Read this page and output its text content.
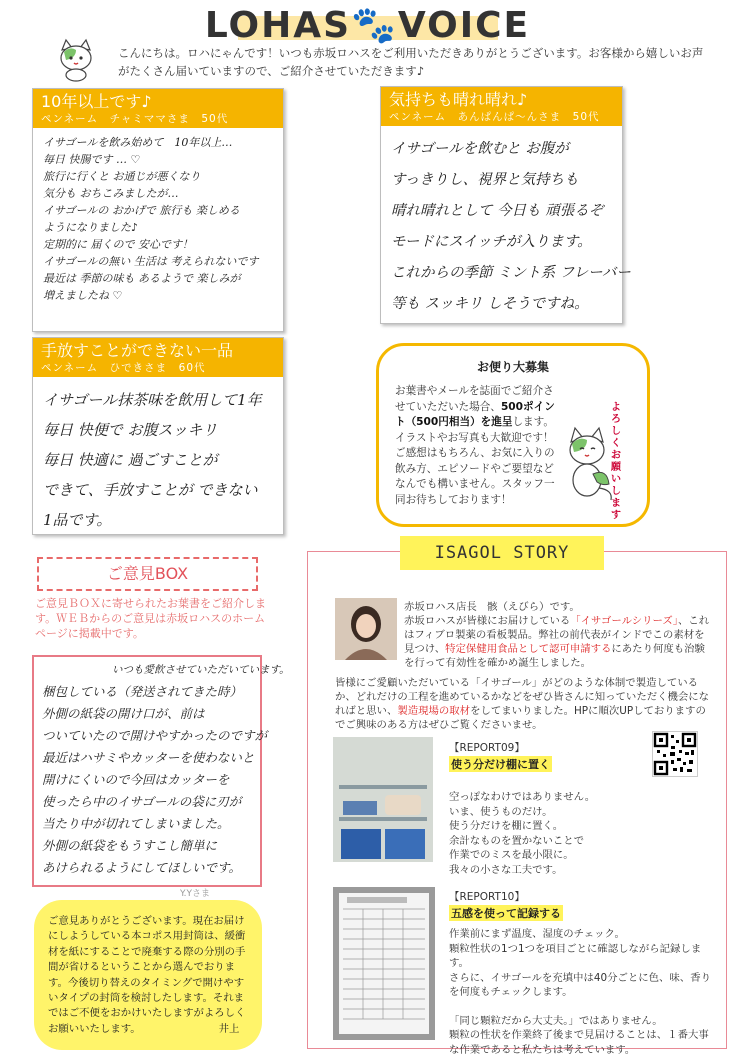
LOHAS🐾VOICE
こんにちは。ロハにゃんです！いつも赤坂ロハスをご利用いただきありがとうございます。お客様から嬉しいお声がたくさん届いていますので、ご紹介させていただきます♪
10年以上です♪
ペンネーム　チャミママさま　50代
イサゴールを飲み始めて　10年以上…
毎日 快腸です … ♡
旅行に行くと お通じが悪くなり
気分も おちこみましたが…
イサゴールの おかげで 旅行も 楽しめる
ようになりました♪
定期的に 届くので 安心です！
イサゴールの無い 生活は 考えられないです
最近は 季節の味も あるようで 楽しみが
増えましたね ♡
気持ちも晴れ晴れ♪
ペンネーム　あんぱんぱ〜んさま　50代
イサゴールを飲むと お腹が
すっきりし、視界と気持ちも
晴れ晴れとして 今日も 頑張るぞ
モードにスイッチが入ります。
これからの季節 ミント系 フレーバー
等も スッキリ しそうですね。
手放すことができない一品
ペンネーム　ひできさま　60代
イサゴール抹茶味を飲用して1年
毎日 快便で お腹スッキリ
毎日 快適に 過ごすことが
できて、手放すことが できない
1品です。
お便り大募集
お葉書やメールを誌面でご紹介させていただいた場合、500ポイント（500円相当）を進呈します。イラストやお写真も大歓迎です！ご感想はもちろん、お気に入りの飲み方、エピソードやご要望などなんでも構いません。スタッフ一同お待ちしております！
よろしくお願いします
ご意見BOX
ご意見ＢＯＸに寄せられたお葉書をご紹介します。ＷＥＢからのご意見は赤坂ロハスのホームページに掲載中です。
いつも愛飲させていただいています。
梱包している（発送されてきた時）
外側の紙袋の開け口が、前は
ついていたので開けやすかったのですが
最近はハサミやカッターを使わないと
開けにくいので今回はカッターを
使ったら中のイサゴールの袋に刃が
当たり中が切れてしまいました。
外側の紙袋をもうすこし簡単に
あけられるようにしてほしいです。
Y.Yさま
ご意見ありがとうございます。現在お届けにしようしている本コポス用封筒は、緩衝材を紙にすることで廃棄する際の分別の手間が省けるということから選んでおります。今後切り替えのタイミングで開けやすいタイプの封筒を検討したします。それまではご不便をおかけいたしますがよろしくお願いいたします。　　　　　　　　井上
ISAGOL STORY
赤坂ロハス店長　骸（えびら）です。
赤坂ロハスが皆様にお届けしている「イサゴールシリーズ」、これはフィブロ製薬の看板製品。弊社の前代表がインドでこの素材を見つけ、特定保健用食品として認可申請するにあたり何度も治験を行って有効性を確かめ誕生しました。
皆様にご愛顧いただいている「イサゴール」がどのような体制で製造しているか、どれだけの工程を進めているかなどをぜひ皆さんに知っていただく機会になればと思い、製造現場の取材をしてまいりました。HPに順次UPしておりますのでご興味のある方はぜひご覧くださいませ。
【REPORT09】
使う分だけ棚に置く
空っぽなわけではありません。
いま、使うものだけ。
使う分だけを棚に置く。
余計なものを置かないことで
作業でのミスを最小限に。
我々の小さな工夫です。
【REPORT10】
五感を使って記録する
作業前にまず温度、湿度のチェック。
顆粒性状の1つ1つを項目ごとに確認しながら記録します。
さらに、イサゴールを充填中は40分ごとに色、味、香りを何度もチェックします。
「同じ顆粒だから大丈夫。」ではありません。
顆粒の性状を作業終了後まで見届けることは、１番大事な作業であると私たちは考えています。
